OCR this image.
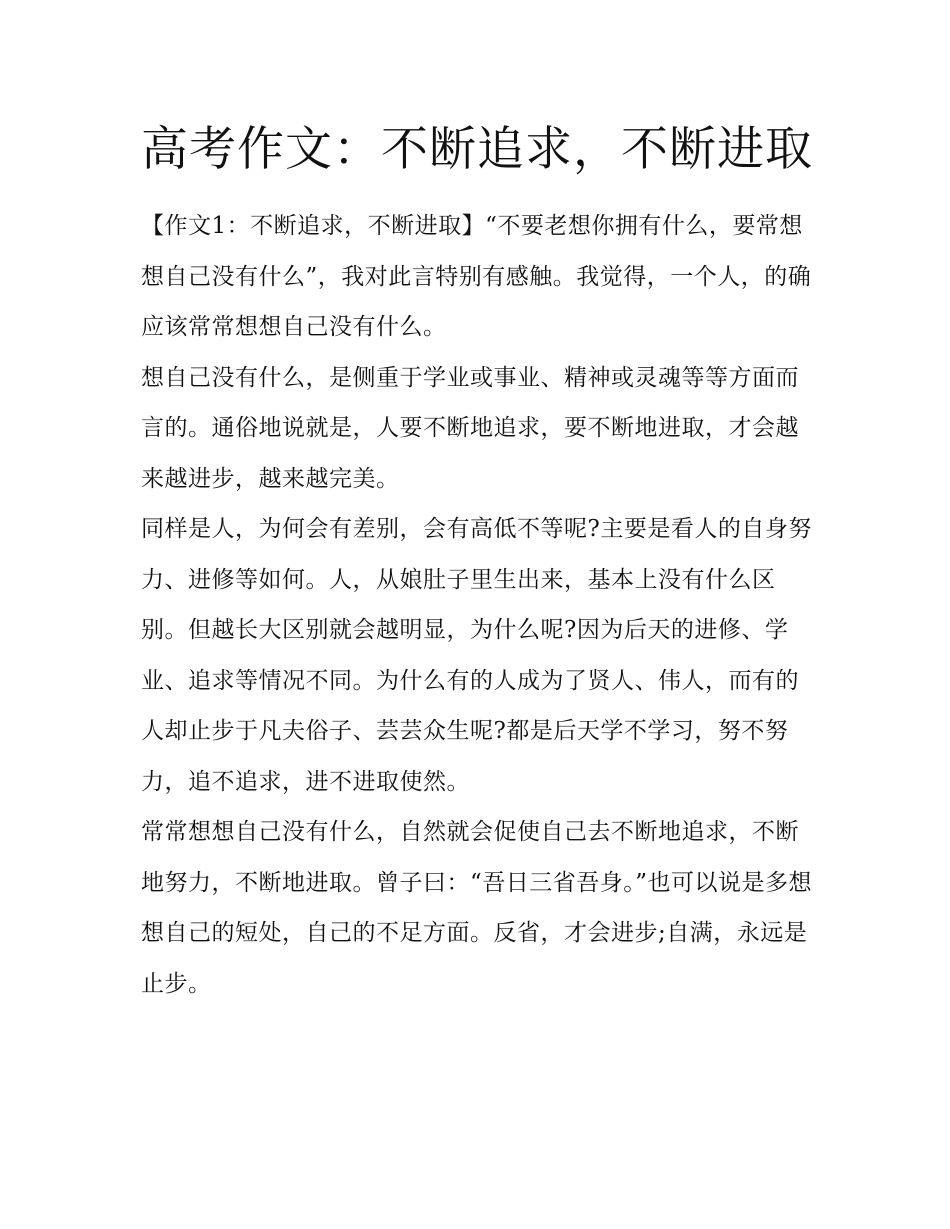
高考作文：不断追求，不断进取

【作文1：不断追求，不断进取】“不要老想你拥有什么，要常想想自己没有什么”，我对此言特别有感触。我觉得，一个人，的确应该常常想想自己没有什么。

想自己没有什么，是侧重于学业或事业、精神或灵魂等等方面而言的。通俗地说就是，人要不断地追求，要不断地进取，才会越来越进步，越来越完美。

同样是人，为何会有差别，会有高低不等呢?主要是看人的自身努力、进修等如何。人，从娘肚子里生出来，基本上没有什么区别。但越长大区别就会越明显，为什么呢?因为后天的进修、学业、追求等情况不同。为什么有的人成为了贤人、伟人，而有的人却止步于凡夫俗子、芸芸众生呢?都是后天学不学习，努不努力，追不追求，进不进取使然。

常常想想自己没有什么，自然就会促使自己去不断地追求，不断地努力，不断地进取。曾子曰：“吾日三省吾身。”也可以说是多想想自己的短处，自己的不足方面。反省，才会进步;自满，永远是止步。
